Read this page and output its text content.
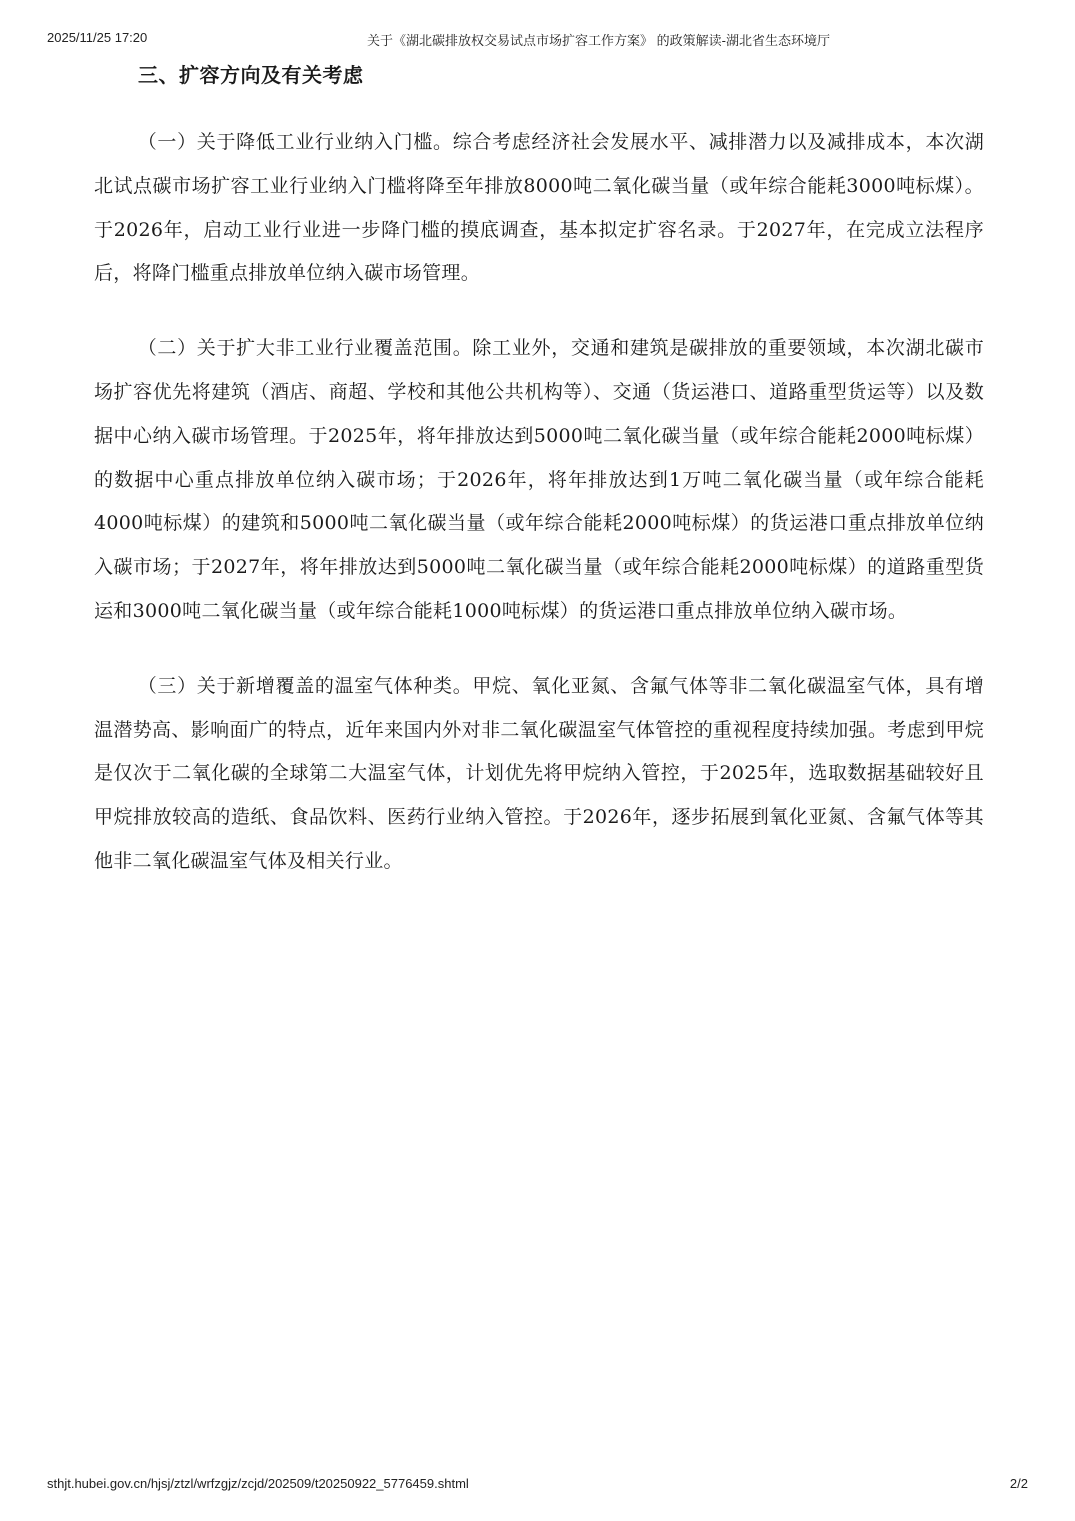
2025/11/25 17:20	关于《湖北碳排放权交易试点市场扩容工作方案》 的政策解读-湖北省生态环境厅
三、扩容方向及有关考虑

（一）关于降低工业行业纳入门槛。综合考虑经济社会发展水平、减排潜力以及减排成本，本次湖北试点碳市场扩容工业行业纳入门槛将降至年排放8000吨二氧化碳当量（或年综合能耗3000吨标煤）。于2026年，启动工业行业进一步降门槛的摸底调查，基本拟定扩容名录。于2027年，在完成立法程序后，将降门槛重点排放单位纳入碳市场管理。

（二）关于扩大非工业行业覆盖范围。除工业外，交通和建筑是碳排放的重要领域，本次湖北碳市场扩容优先将建筑（酒店、商超、学校和其他公共机构等）、交通（货运港口、道路重型货运等）以及数据中心纳入碳市场管理。于2025年，将年排放达到5000吨二氧化碳当量（或年综合能耗2000吨标煤）的数据中心重点排放单位纳入碳市场；于2026年，将年排放达到1万吨二氧化碳当量（或年综合能耗4000吨标煤）的建筑和5000吨二氧化碳当量（或年综合能耗2000吨标煤）的货运港口重点排放单位纳入碳市场；于2027年，将年排放达到5000吨二氧化碳当量（或年综合能耗2000吨标煤）的道路重型货运和3000吨二氧化碳当量（或年综合能耗1000吨标煤）的货运港口重点排放单位纳入碳市场。

（三）关于新增覆盖的温室气体种类。甲烷、氧化亚氮、含氟气体等非二氧化碳温室气体，具有增温潜势高、影响面广的特点，近年来国内外对非二氧化碳温室气体管控的重视程度持续加强。考虑到甲烷是仅次于二氧化碳的全球第二大温室气体，计划优先将甲烷纳入管控，于2025年，选取数据基础较好且甲烷排放较高的造纸、食品饮料、医药行业纳入管控。于2026年，逐步拓展到氧化亚氮、含氟气体等其他非二氧化碳温室气体及相关行业。

sthjt.hubei.gov.cn/hjsj/ztzl/wrfzgjz/zcjd/202509/t20250922_5776459.shtml	2/2
